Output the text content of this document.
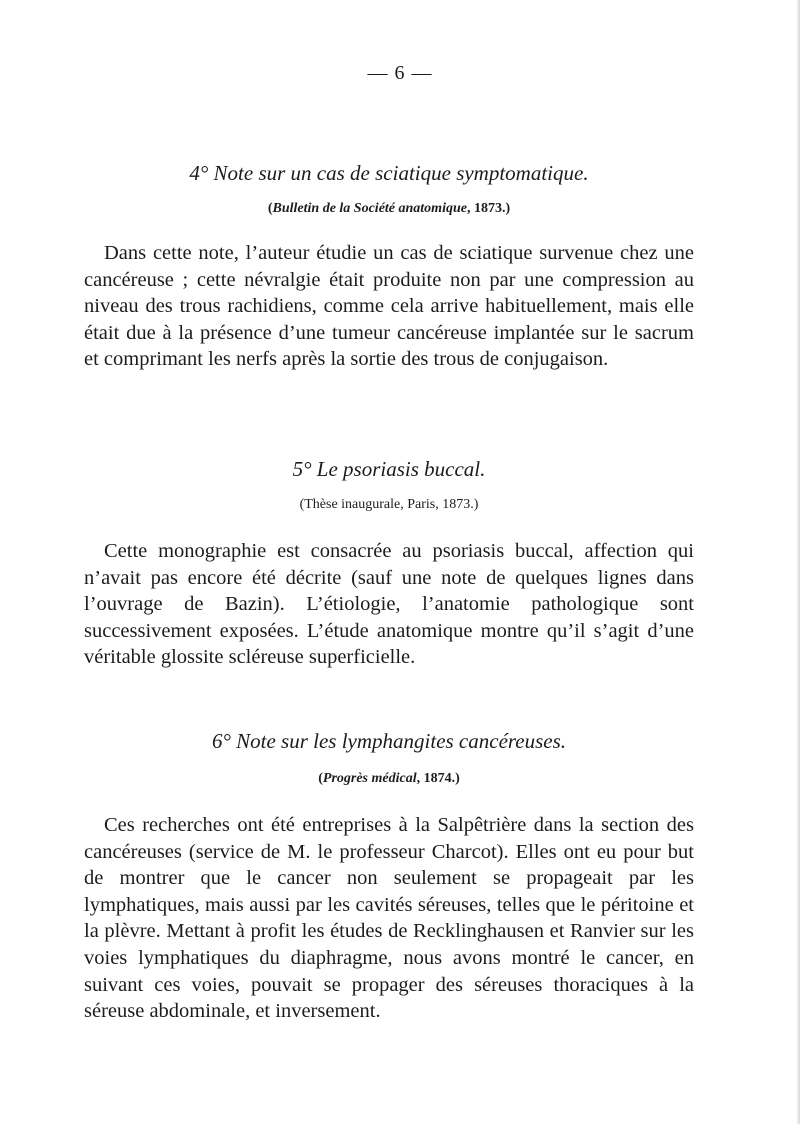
— 6 —

4° Note sur un cas de sciatique symptomatique.

(Bulletin de la Société anatomique, 1873.)

Dans cette note, l’auteur étudie un cas de sciatique survenue chez une cancéreuse ; cette névralgie était produite non par une compression au niveau des trous rachidiens, comme cela arrive habituellement, mais elle était due à la présence d’une tumeur cancéreuse implantée sur le sacrum et comprimant les nerfs après la sortie des trous de conjugaison.

5° Le psoriasis buccal.

(Thèse inaugurale, Paris, 1873.)

Cette monographie est consacrée au psoriasis buccal, affection qui n’avait pas encore été décrite (sauf une note de quelques lignes dans l’ouvrage de Bazin). L’étiologie, l’anatomie pathologique sont successivement exposées. L’étude anatomique montre qu’il s’agit d’une véritable glossite scléreuse superficielle.

6° Note sur les lymphangites cancéreuses.

(Progrès médical, 1874.)

Ces recherches ont été entreprises à la Salpêtrière dans la section des cancéreuses (service de M. le professeur Charcot). Elles ont eu pour but de montrer que le cancer non seulement se propageait par les lymphatiques, mais aussi par les cavités séreuses, telles que le péritoine et la plèvre. Mettant à profit les études de Recklinghausen et Ranvier sur les voies lymphatiques du diaphragme, nous avons montré le cancer, en suivant ces voies, pouvait se propager des séreuses thoraciques à la séreuse abdominale, et inversement.
